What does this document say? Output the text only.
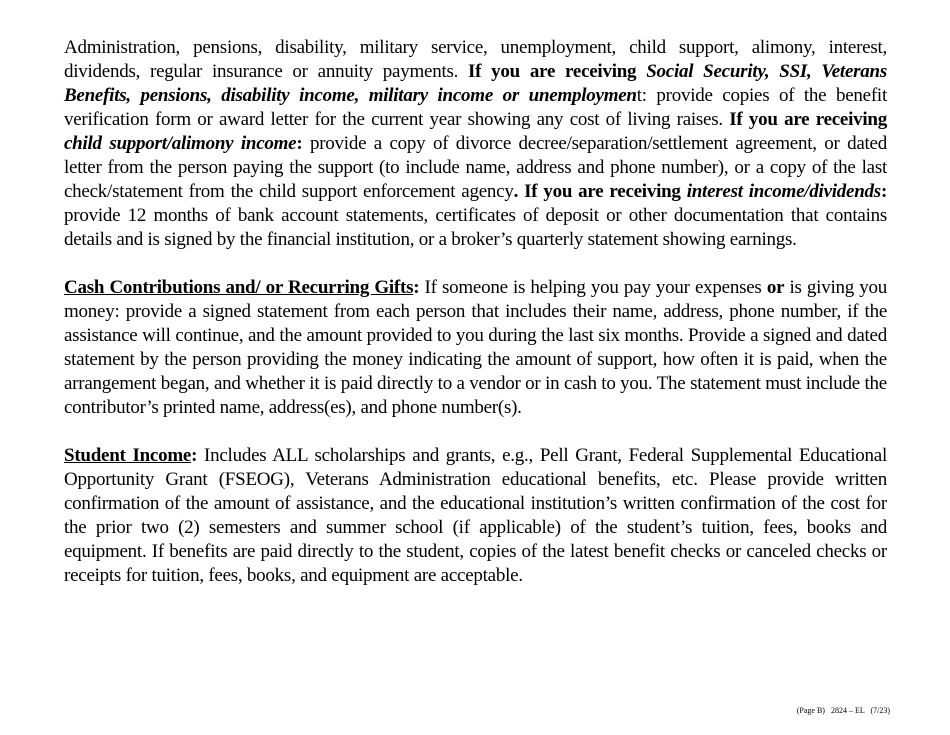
Administration, pensions, disability, military service, unemployment, child support, alimony, interest, dividends, regular insurance or annuity payments. If you are receiving Social Security, SSI, Veterans Benefits, pensions, disability income, military income or unemployment: provide copies of the benefit verification form or award letter for the current year showing any cost of living raises. If you are receiving child support/alimony income: provide a copy of divorce decree/separation/settlement agreement, or dated letter from the person paying the support (to include name, address and phone number), or a copy of the last check/statement from the child support enforcement agency. If you are receiving interest income/dividends: provide 12 months of bank account statements, certificates of deposit or other documentation that contains details and is signed by the financial institution, or a broker’s quarterly statement showing earnings.

Cash Contributions and/ or Recurring Gifts: If someone is helping you pay your expenses or is giving you money: provide a signed statement from each person that includes their name, address, phone number, if the assistance will continue, and the amount provided to you during the last six months. Provide a signed and dated statement by the person providing the money indicating the amount of support, how often it is paid, when the arrangement began, and whether it is paid directly to a vendor or in cash to you. The statement must include the contributor’s printed name, address(es), and phone number(s).

Student Income: Includes ALL scholarships and grants, e.g., Pell Grant, Federal Supplemental Educational Opportunity Grant (FSEOG), Veterans Administration educational benefits, etc. Please provide written confirmation of the amount of assistance, and the educational institution’s written confirmation of the cost for the prior two (2) semesters and summer school (if applicable) of the student’s tuition, fees, books and equipment. If benefits are paid directly to the student, copies of the latest benefit checks or canceled checks or receipts for tuition, fees, books, and equipment are acceptable.

(Page B)   2824 – EL   (7/23)
